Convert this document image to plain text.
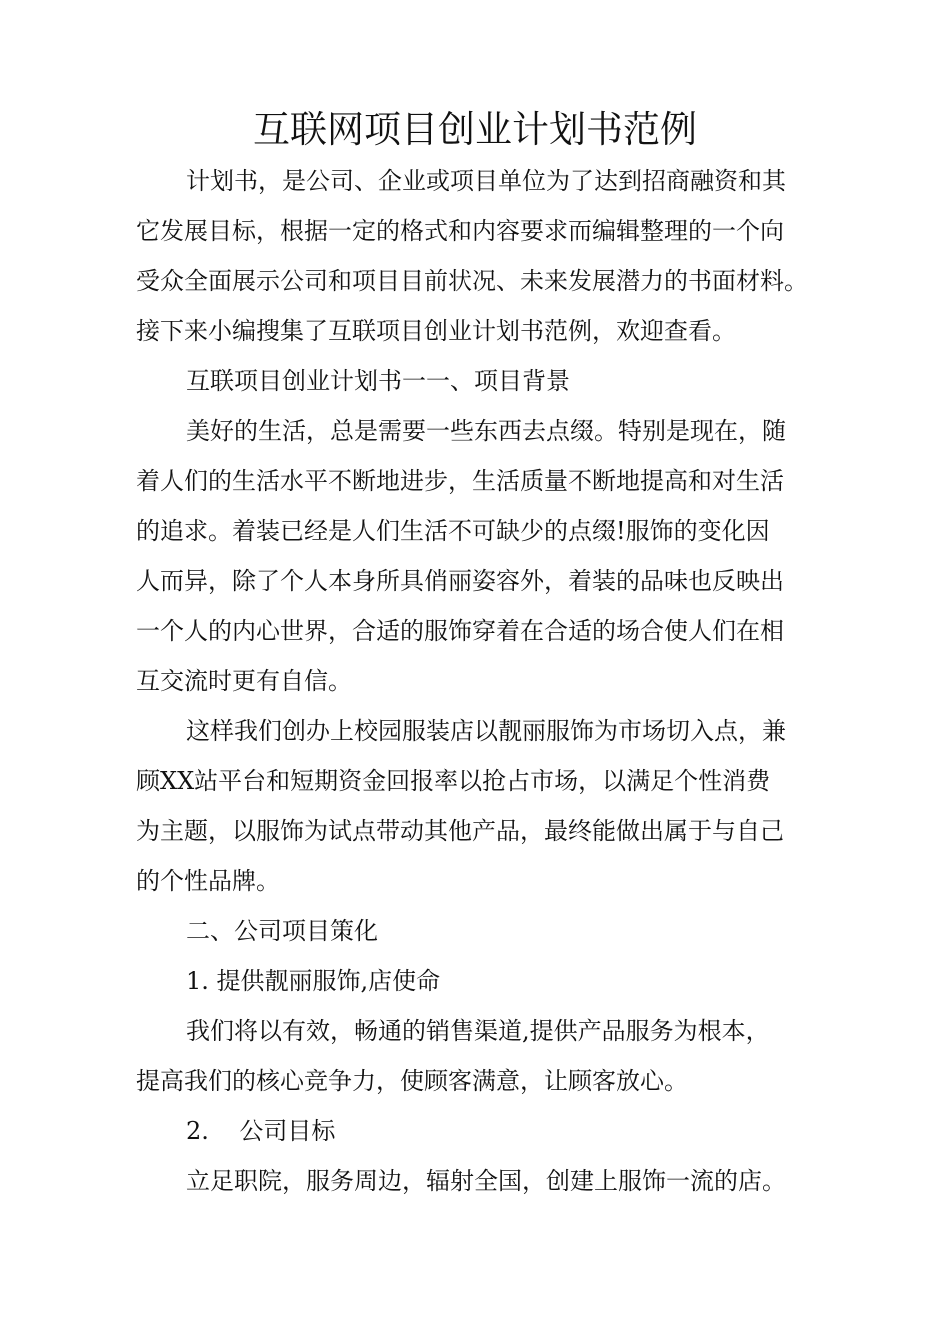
互联网项目创业计划书范例
计划书，是公司、企业或项目单位为了达到招商融资和其
它发展目标，根据一定的格式和内容要求而编辑整理的一个向
受众全面展示公司和项目目前状况、未来发展潜力的书面材料。
接下来小编搜集了互联项目创业计划书范例，欢迎查看。
互联项目创业计划书一一、项目背景
美好的生活，总是需要一些东西去点缀。特别是现在，随
着人们的生活水平不断地进步，生活质量不断地提高和对生活
的追求。着装已经是人们生活不可缺少的点缀!服饰的变化因
人而异，除了个人本身所具俏丽姿容外，着装的品味也反映出
一个人的内心世界，合适的服饰穿着在合适的场合使人们在相
互交流时更有自信。
这样我们创办上校园服装店以靓丽服饰为市场切入点，兼
顾XX站平台和短期资金回报率以抢占市场，以满足个性消费
为主题，以服饰为试点带动其他产品，最终能做出属于与自己
的个性品牌。
二、公司项目策化
1. 提供靓丽服饰,店使命
我们将以有效，畅通的销售渠道,提供产品服务为根本，
提高我们的核心竞争力，使顾客满意，让顾客放心。
2.    公司目标
立足职院，服务周边，辐射全国，创建上服饰一流的店。
